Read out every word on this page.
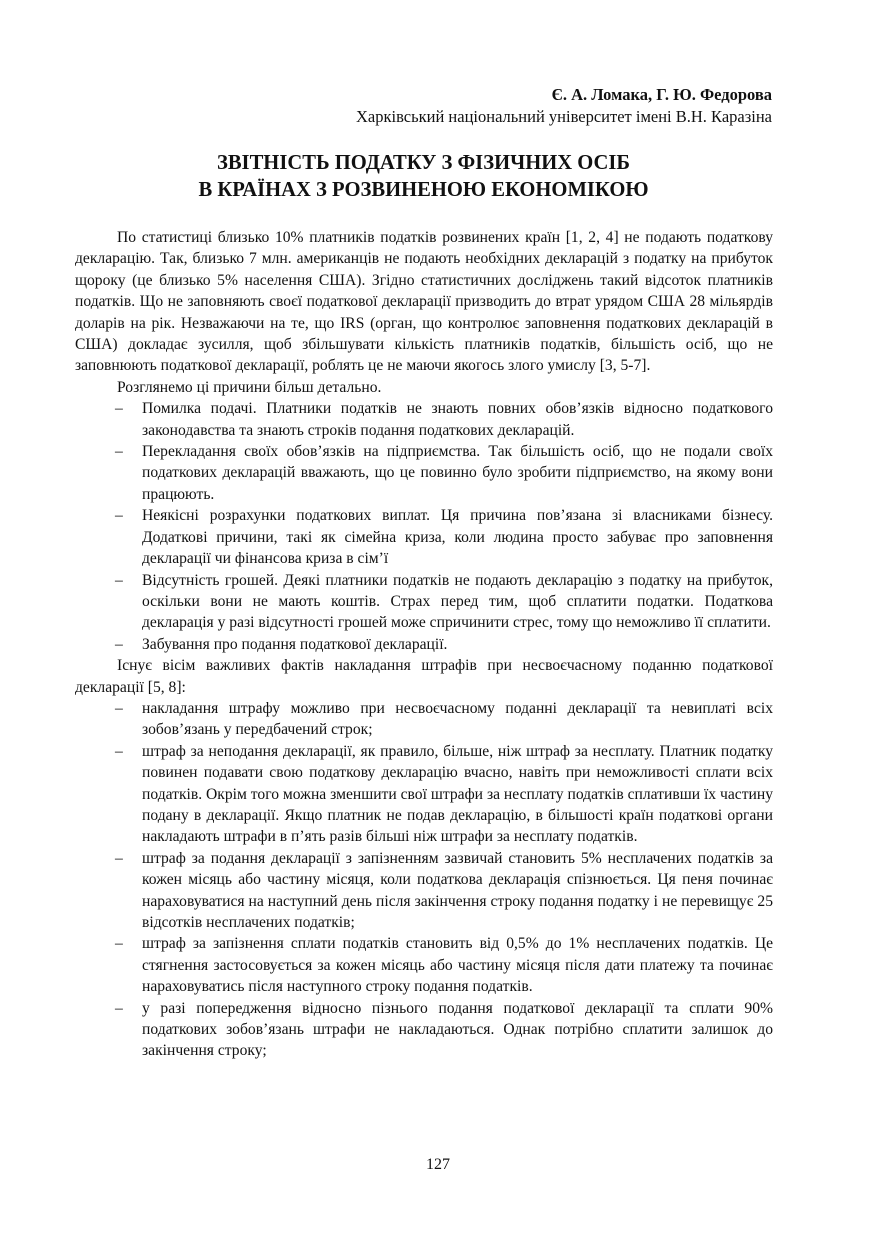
Є. А. Ломака, Г. Ю. Федорова
Харківський національний університет імені В.Н. Каразіна
ЗВІТНІСТЬ ПОДАТКУ З ФІЗИЧНИХ ОСІБ
В КРАЇНАХ З РОЗВИНЕНОЮ ЕКОНОМІКОЮ

По статистиці близько 10% платників податків розвинених країн [1, 2, 4] не подають податкову декларацію. Так, близько 7 млн. американців не подають необхідних декларацій з податку на прибуток щороку (це близько 5% населення США). Згідно статистичних досліджень такий відсоток платників податків. Що не заповняють своєї податкової декларації призводить до втрат урядом США 28 мільярдів доларів на рік. Незважаючи на те, що IRS (орган, що контролює заповнення податкових декларацій в США) докладає зусилля, щоб збільшувати кількість платників податків, більшість осіб, що не заповнюють податкової декларації, роблять це не маючи якогось злого умислу [3, 5-7].

Розглянемо ці причини більш детально.

– Помилка подачі. Платники податків не знають повних обов’язків відносно податкового законодавства та знають строків подання податкових декларацій.
– Перекладання своїх обов’язків на підприємства. Так більшість осіб, що не подали своїх податкових декларацій вважають, що це повинно було зробити підприємство, на якому вони працюють.
– Неякісні розрахунки податкових виплат. Ця причина пов’язана зі власниками бізнесу. Додаткові причини, такі як сімейна криза, коли людина просто забуває про заповнення декларації чи фінансова криза в сім’ї
– Відсутність грошей. Деякі платники податків не подають декларацію з податку на прибуток, оскільки вони не мають коштів. Страх перед тим, щоб сплатити податки. Податкова декларація у разі відсутності грошей може спричинити стрес, тому що неможливо її сплатити.
– Забування про подання податкової декларації.

Існує вісім важливих фактів накладання штрафів при несвоєчасному поданню податкової декларації [5, 8]:

– накладання штрафу можливо при несвоєчасному поданні декларації та невиплаті всіх зобов’язань у передбачений строк;
– штраф за неподання декларації, як правило, більше, ніж штраф за несплату. Платник податку повинен подавати свою податкову декларацію вчасно, навіть при неможливості сплати всіх податків. Окрім того можна зменшити свої штрафи за несплату податків сплативши їх частину подану в декларації. Якщо платник не подав декларацію, в більшості країн податкові органи накладають штрафи в п’ять разів більші ніж штрафи за несплату податків.
– штраф за подання декларації з запізненням зазвичай становить 5% несплачених податків за кожен місяць або частину місяця, коли податкова декларація спізнюється. Ця пеня починає нараховуватися на наступний день після закінчення строку подання податку і не перевищує 25 відсотків несплачених податків;
– штраф за запізнення сплати податків становить від 0,5% до 1% несплачених податків. Це стягнення застосовується за кожен місяць або частину місяця після дати платежу та починає нараховуватись після наступного строку подання податків.
– у разі попередження відносно пізнього подання податкової декларації та сплати 90% податкових зобов’язань штрафи не накладаються. Однак потрібно сплатити залишок до закінчення строку;
127
